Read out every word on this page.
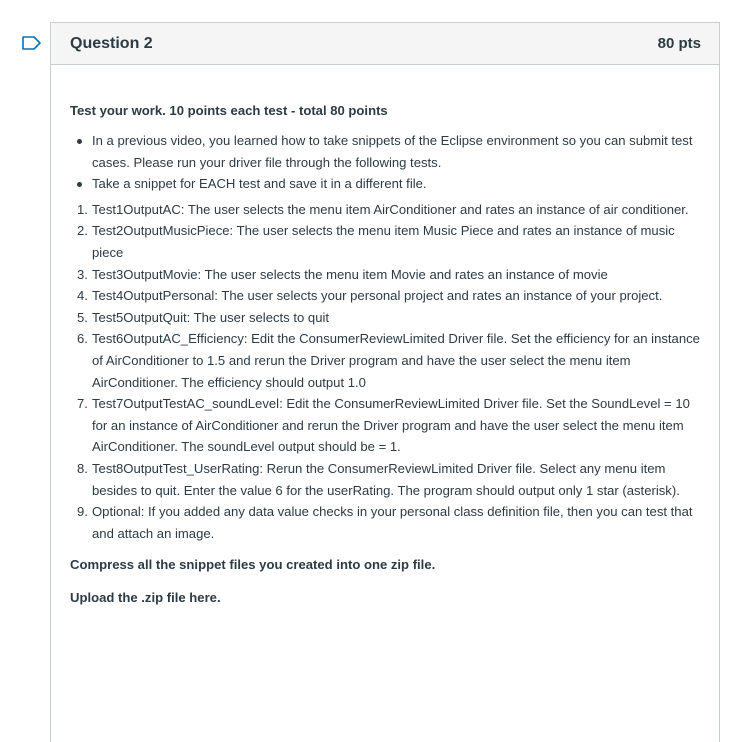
Question 2	80 pts
Test your work. 10 points each test - total 80 points
In a previous video, you learned how to take snippets of the Eclipse environment so you can submit test cases. Please run your driver file through the following tests.
Take a snippet for EACH test and save it in a different file.
1. Test1OutputAC: The user selects the menu item AirConditioner and rates an instance of air conditioner.
2. Test2OutputMusicPiece: The user selects the menu item Music Piece and rates an instance of music piece
3. Test3OutputMovie: The user selects the menu item Movie and rates an instance of movie
4. Test4OutputPersonal: The user selects your personal project and rates an instance of your project.
5. Test5OutputQuit: The user selects to quit
6. Test6OutputAC_Efficiency: Edit the ConsumerReviewLimited Driver file. Set the efficiency for an instance of AirConditioner to 1.5 and rerun the Driver program and have the user select the menu item AirConditioner. The efficiency should output 1.0
7. Test7OutputTestAC_soundLevel: Edit the ConsumerReviewLimited Driver file. Set the SoundLevel = 10 for an instance of AirConditioner and rerun the Driver program and have the user select the menu item AirConditioner. The soundLevel output should be = 1.
8. Test8OutputTest_UserRating: Rerun the ConsumerReviewLimited Driver file. Select any menu item besides to quit. Enter the value 6 for the userRating. The program should output only 1 star (asterisk).
9. Optional: If you added any data value checks in your personal class definition file, then you can test that and attach an image.
Compress all the snippet files you created into one zip file.
Upload the .zip file here.
